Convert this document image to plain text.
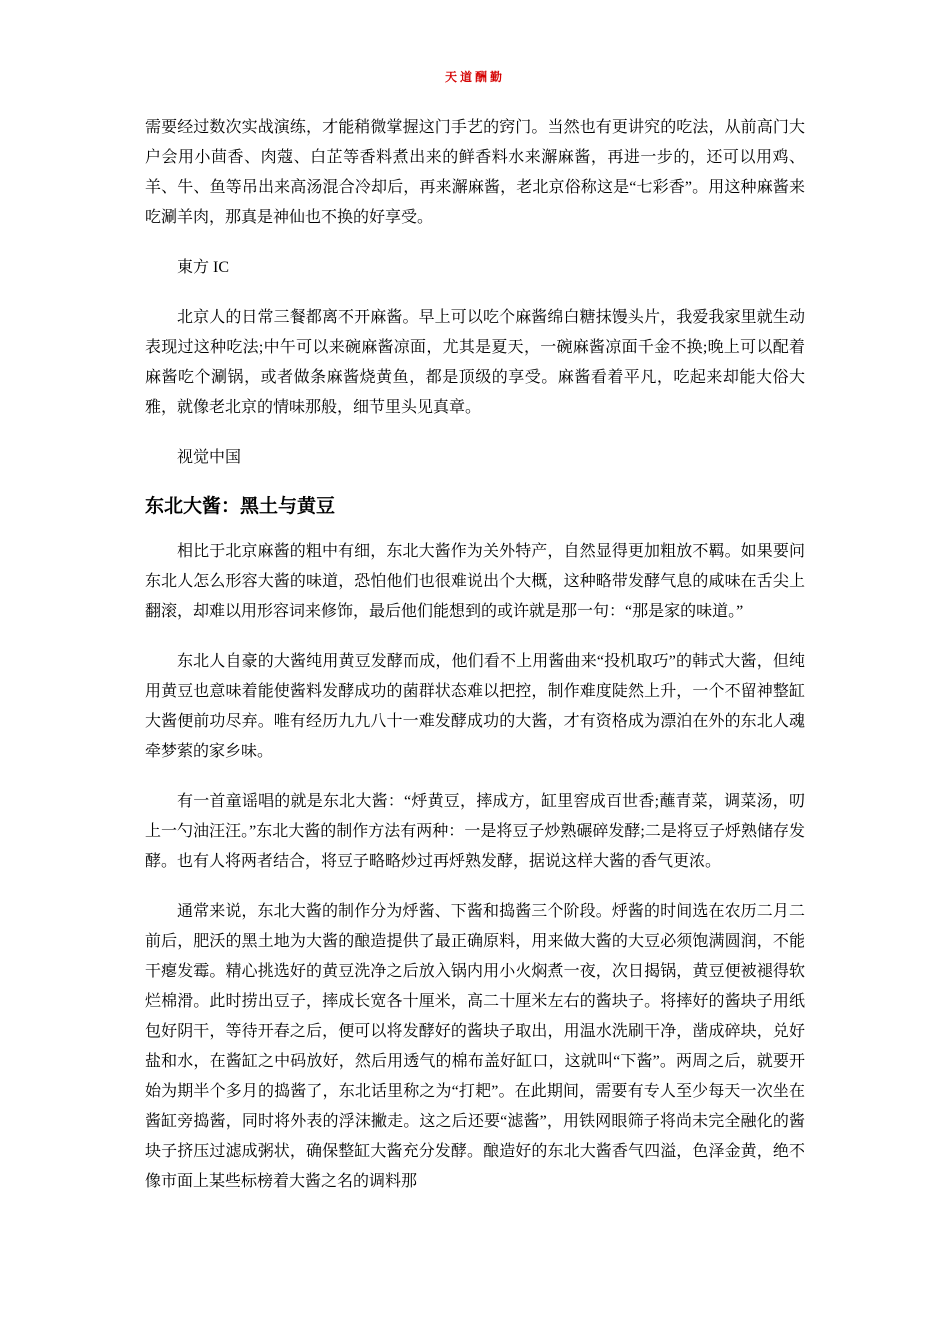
天道酬勤

需要经过数次实战演练，才能稍微掌握这门手艺的窍门。当然也有更讲究的吃法，从前高门大户会用小茴香、肉蔻、白芷等香料煮出来的鲜香料水来澥麻酱，再进一步的，还可以用鸡、羊、牛、鱼等吊出来高汤混合冷却后，再来澥麻酱，老北京俗称这是“七彩香”。用这种麻酱来吃涮羊肉，那真是神仙也不换的好享受。

東方 IC

北京人的日常三餐都离不开麻酱。早上可以吃个麻酱绵白糖抹馒头片，我爱我家里就生动表现过这种吃法;中午可以来碗麻酱凉面，尤其是夏天，一碗麻酱凉面千金不换;晚上可以配着麻酱吃个涮锅，或者做条麻酱烧黄鱼，都是顶级的享受。麻酱看着平凡，吃起来却能大俗大雅，就像老北京的情味那般，细节里头见真章。

视觉中国

东北大酱：黑土与黄豆

相比于北京麻酱的粗中有细，东北大酱作为关外特产，自然显得更加粗放不羁。如果要问东北人怎么形容大酱的味道，恐怕他们也很难说出个大概，这种略带发酵气息的咸味在舌尖上翻滚，却难以用形容词来修饰，最后他们能想到的或许就是那一句：“那是家的味道。”

东北人自豪的大酱纯用黄豆发酵而成，他们看不上用酱曲来“投机取巧”的韩式大酱，但纯用黄豆也意味着能使酱料发酵成功的菌群状态难以把控，制作难度陡然上升，一个不留神整缸大酱便前功尽弃。唯有经历九九八十一难发酵成功的大酱，才有资格成为漂泊在外的东北人魂牵梦萦的家乡味。

有一首童谣唱的就是东北大酱：“烀黄豆，摔成方，缸里窖成百世香;蘸青菜，调菜汤，叨上一勺油汪汪。”东北大酱的制作方法有两种：一是将豆子炒熟碾碎发酵;二是将豆子烀熟储存发酵。也有人将两者结合，将豆子略略炒过再烀熟发酵，据说这样大酱的香气更浓。

通常来说，东北大酱的制作分为烀酱、下酱和捣酱三个阶段。烀酱的时间选在农历二月二前后，肥沃的黑土地为大酱的酿造提供了最正确原料，用来做大酱的大豆必须饱满圆润，不能干瘪发霉。精心挑选好的黄豆洗净之后放入锅内用小火焖煮一夜，次日揭锅，黄豆便被褪得软烂棉滑。此时捞出豆子，摔成长宽各十厘米，高二十厘米左右的酱块子。将摔好的酱块子用纸包好阴干，等待开春之后，便可以将发酵好的酱块子取出，用温水洗刷干净，凿成碎块，兑好盐和水，在酱缸之中码放好，然后用透气的棉布盖好缸口，这就叫“下酱”。两周之后，就要开始为期半个多月的捣酱了，东北话里称之为“打耙”。在此期间，需要有专人至少每天一次坐在酱缸旁捣酱，同时将外表的浮沫撇走。这之后还要“滤酱”，用铁网眼筛子将尚未完全融化的酱块子挤压过滤成粥状，确保整缸大酱充分发酵。酿造好的东北大酱香气四溢，色泽金黄，绝不像市面上某些标榜着大酱之名的调料那
